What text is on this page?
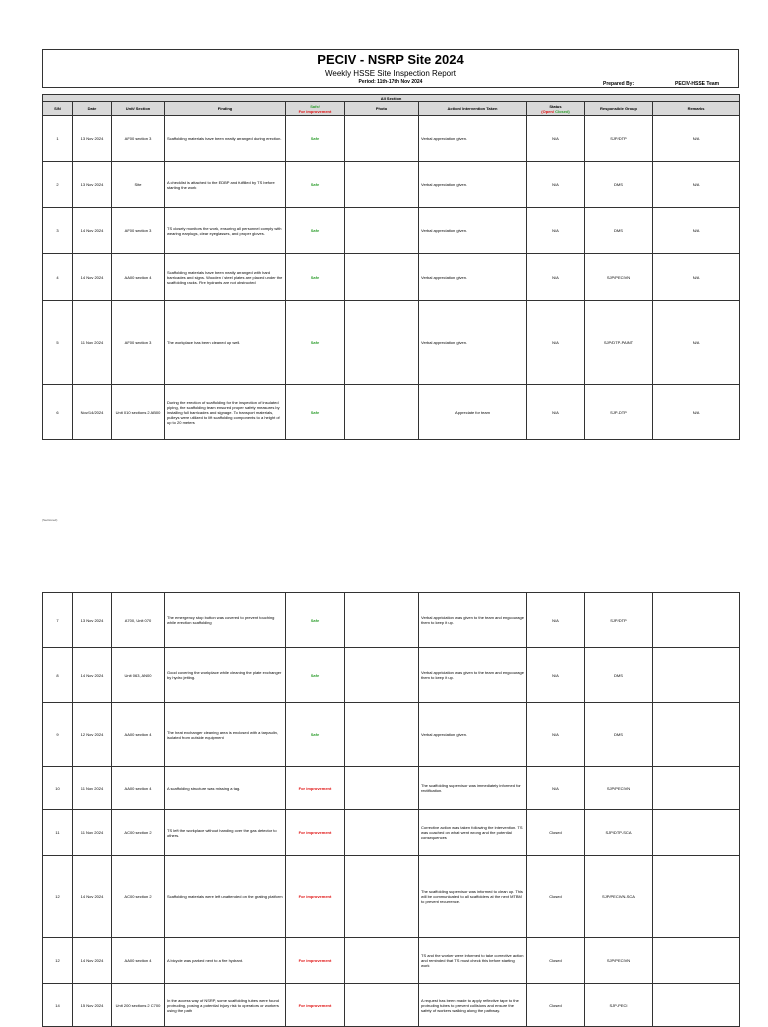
PECIV - NSRP Site 2024
Weekly HSSE Site Inspection Report
Period: 11th-17th Nov 2024	Prepared By:	PECIV-HSSE Team
All Section									
S/N	Date	Unit/ Section	Finding	Safe/
For improvement	Photo	Action/ Intervention Taken	Status
(Open/ Closed)	Responsible Group	Remarks
1	13 Nov 2024	AF00 section 3	Scaffolding materials have been neatly arranged during erection.	Safe		Verbal appreciation given.	N/A	SJP/DTP	N/A
2	13 Nov 2024	Site	A checklist is attached to the EDBP and fulfilled by TS before starting the work	Safe		Verbal appreciation given.	N/A	DMS	N/A
3	14 Nov 2024	AF00 section 3	TS closely monitors the work, ensuring all personnel comply with wearing earplugs, clear eyeglasses, and proper gloves.	Safe		Verbal appreciation given.	N/A	DMS	N/A
4	14 Nov 2024	AA00 section 4	Scaffolding materials have been neatly arranged with hard barricades and signs. Wooden / steel plates are placed under the scaffolding racks. Fire hydrants are not obstructed	Safe		Verbal appreciation given.	N/A	SJP/PECIVN	N/A
5	11 Nov 2024	AF00 section 3	The workplace has been cleaned up well.	Safe		Verbal appreciation given.	N/A	SJP/DTP-PAINT	N/A
6	Nov/14/2024	Unit 010 sections 2 AB00	During the erection of scaffolding for the inspection of insulated piping, the scaffolding team ensured proper safety measures by installing full barricades and signage. To transport materials, pulleys were utilized to lift scaffolding components to a height of up to 20 meters	Safe		Appreciate for team	N/A	SJP-DTP	N/A
(Sectioned)
7	13 Nov 2024	A700, Unit 070	The emergency stop button was covered to prevent touching while erection scaffolding	Safe		Verbal appriciation was given to the team and engcourage them to keep it up.	N/A	SJP/DTP	
8	14 Nov 2024	Unit 063, AN00	Good covering the workplace while cleaning the plate exchanger by hydro jetting.	Safe		Verbal appriciation was given to the team and engcourage them to keep it up.	N/A	DMS	
9	12 Nov 2024	AA00 section 4	The heat exchanger cleaning area is enclosed with a tarpaulin, isolated from outside equipment	Safe		Verbal appreciation given.	N/A	DMS	
10	11 Nov 2024	AA00 section 4	A scaffolding structure was missing a tag.	For improvement		The scaffolding supervisor was immediately informed for rectification.	N/A	SJP/PECIVN	
11	11 Nov 2024	AC00 section 2	TS left the workplace without handing over the gas detector to others.	For improvement		Corrective action was taken following the intervention. TS was coached on what went wrong and the potential consequences	Closed	SJP/DTP-SCA	
12	14 Nov 2024	AC00 section 2	Scaffolding materials were left unattended on the grating platform	For improvement		The scaffolding supervisor was informed to clean up. This will be communicated to all scaffolders at the next MTBM to prevent recurrence.	Closed	SJP/PECIVN-SCA	
12	14 Nov 2024	AA00 section 4	A bicycle was parked next to a fire hydrant.	For improvement		TS and the worker were informed to take corrective action and reminded that TS must check this before starting work	Closed	SJP/PECIVN	
14	15 Nov 2024	Unit 200 sections 2 C700	In the access way of NSRP, some scaffolding tubes were found protruding, posing a potential injury risk to operators or workers using the path	For improvement		A request has been made to apply reflective tape to the protruding tubes to prevent collisions and ensure the safety of workers walking along the pathway.	Closed	SJP-PECI	
